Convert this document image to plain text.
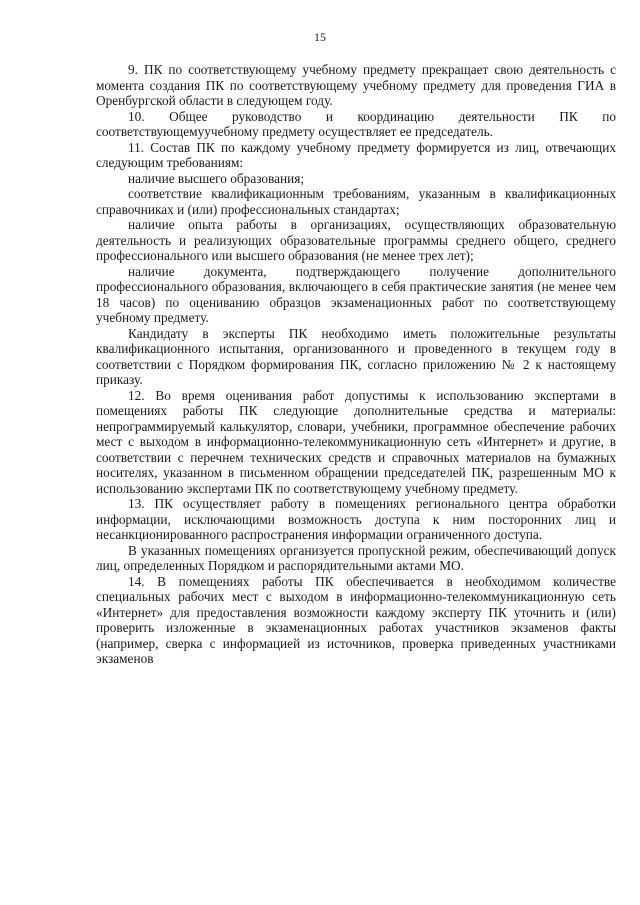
15

9. ПК по соответствующему учебному предмету прекращает свою деятельность с момента создания ПК по соответствующему учебному предмету для проведения ГИА в Оренбургской области в следующем году.

10. Общее руководство и координацию деятельности ПК по соответствующемуучебному предмету осуществляет ее председатель.

11. Состав ПК по каждому учебному предмету формируется из лиц, отвечающих следующим требованиям:

наличие высшего образования;

соответствие квалификационным требованиям, указанным в квалификационных справочниках и (или) профессиональных стандартах;

наличие опыта работы в организациях, осуществляющих образовательную деятельность и реализующих образовательные программы среднего общего, среднего профессионального или высшего образования (не менее трех лет);

наличие документа, подтверждающего получение дополнительного профессионального образования, включающего в себя практические занятия (не менее чем 18 часов) по оцениванию образцов экзаменационных работ по соответствующему учебному предмету.

Кандидату в эксперты ПК необходимо иметь положительные результаты квалификационного испытания, организованного и проведенного в текущем году в соответствии с Порядком формирования ПК, согласно приложению № 2 к настоящему приказу.

12. Во время оценивания работ допустимы к использованию экспертами в помещениях работы ПК следующие дополнительные средства и материалы: непрограммируемый калькулятор, словари, учебники, программное обеспечение рабочих мест с выходом в информационно-телекоммуникационную сеть «Интернет» и другие, в соответствии с перечнем технических средств и справочных материалов на бумажных носителях, указанном в письменном обращении председателей ПК, разрешенным МО к использованию экспертами ПК по соответствующему учебному предмету.

13. ПК осуществляет работу в помещениях регионального центра обработки информации, исключающими возможность доступа к ним посторонних лиц и несанкционированного распространения информации ограниченного доступа.

В указанных помещениях организуется пропускной режим, обеспечивающий допуск лиц, определенных Порядком и распорядительными актами МО.

14. В помещениях работы ПК обеспечивается в необходимом количестве специальных рабочих мест с выходом в информационно-телекоммуникационную сеть «Интернет» для предоставления возможности каждому эксперту ПК уточнить и (или) проверить изложенные в экзаменационных работах участников экзаменов факты (например, сверка с информацией из источников, проверка приведенных участниками экзаменов
